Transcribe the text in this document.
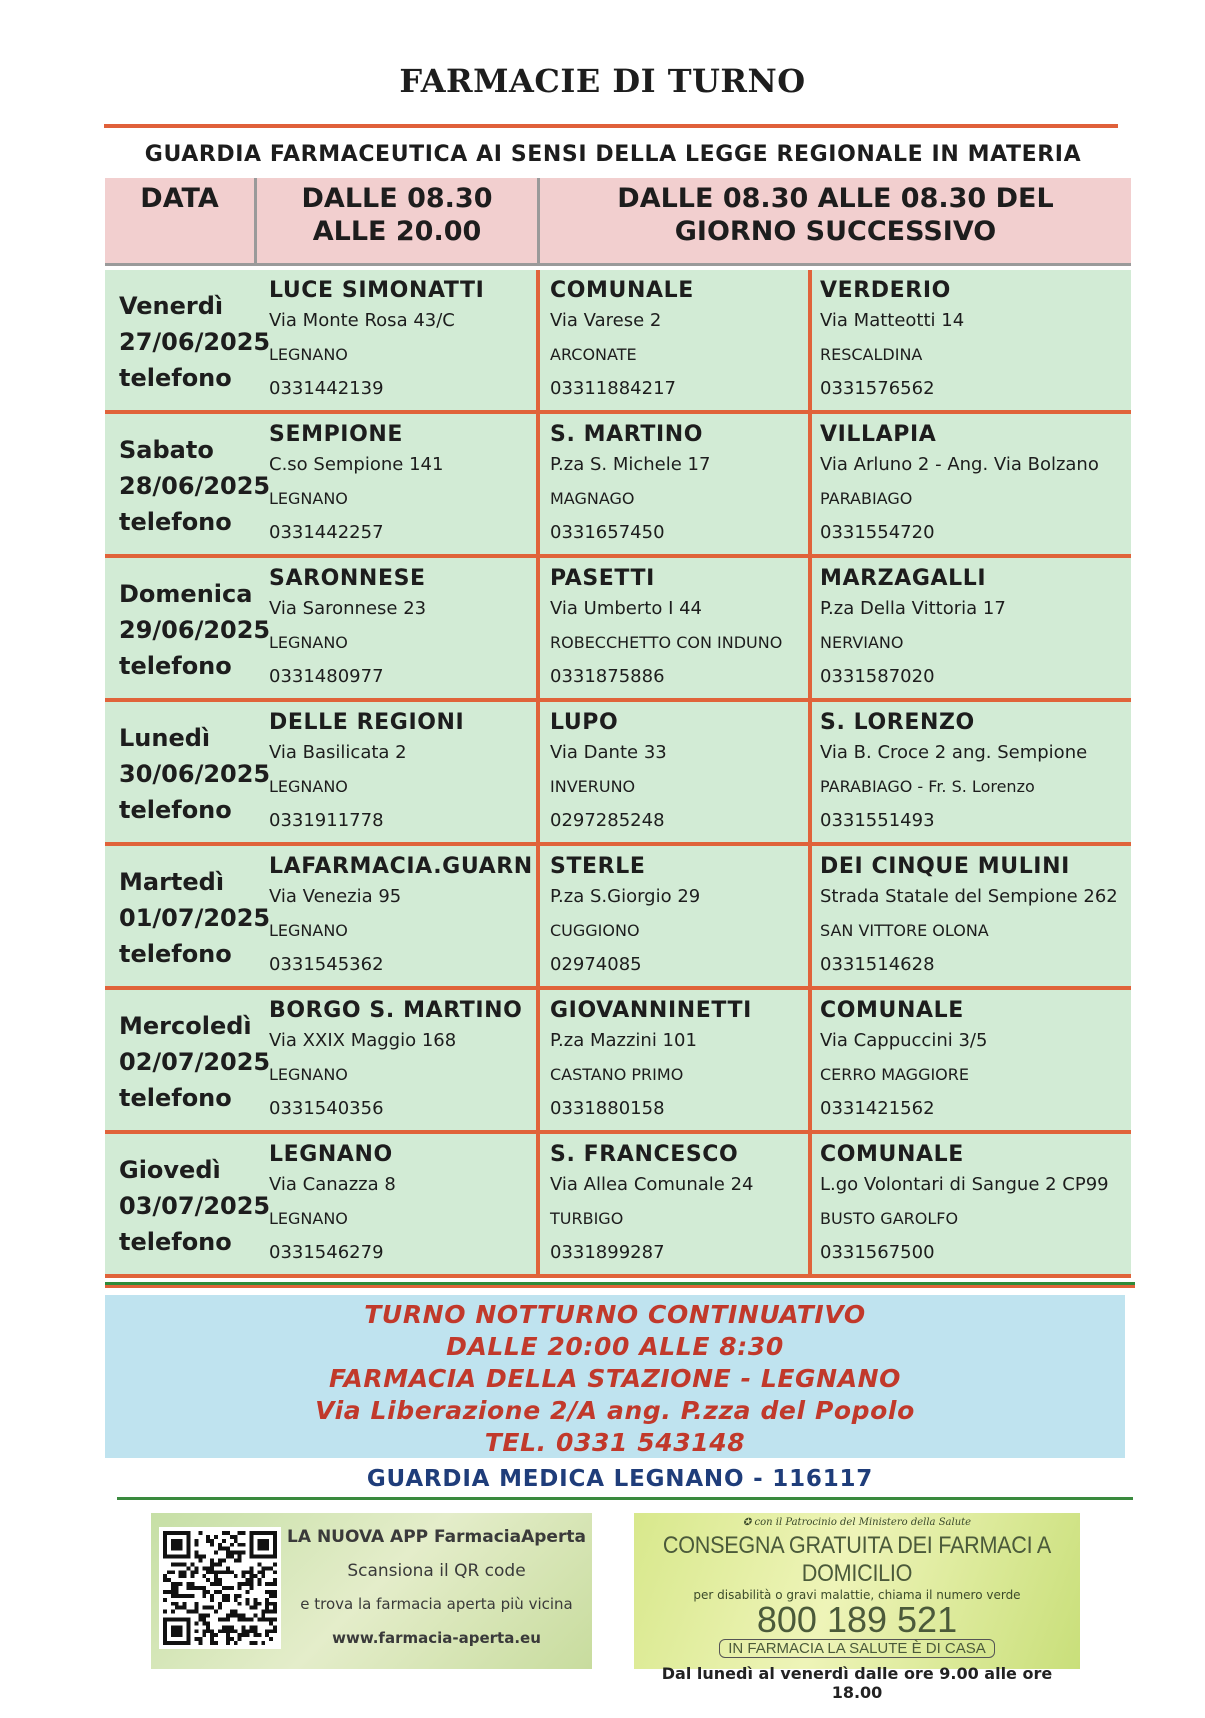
FARMACIE DI TURNO
GUARDIA FARMACEUTICA AI SENSI DELLA LEGGE REGIONALE IN MATERIA
DATA	DALLE 08.30
ALLE 20.00
DALLE 08.30 ALLE 08.30 DEL
GIORNO SUCCESSIVO
Venerdì
27/06/2025
telefono
LUCE SIMONATTI
Via Monte Rosa 43/C
LEGNANO
0331442139
COMUNALE
Via Varese 2
ARCONATE
03311884217
VERDERIO
Via Matteotti 14
RESCALDINA
0331576562
Sabato
28/06/2025
telefono
SEMPIONE
C.so Sempione 141
LEGNANO
0331442257
S. MARTINO
P.za S. Michele 17
MAGNAGO
0331657450
VILLAPIA
Via Arluno 2 - Ang. Via Bolzano
PARABIAGO
0331554720
Domenica
29/06/2025
telefono
SARONNESE
Via Saronnese 23
LEGNANO
0331480977
PASETTI
Via Umberto I 44
ROBECCHETTO CON INDUNO
0331875886
MARZAGALLI
P.za Della Vittoria 17
NERVIANO
0331587020
Lunedì
30/06/2025
telefono
DELLE REGIONI
Via Basilicata 2
LEGNANO
0331911778
LUPO
Via Dante 33
INVERUNO
0297285248
S. LORENZO
Via B. Croce 2 ang. Sempione
PARABIAGO - Fr. S. Lorenzo
0331551493
Martedì
01/07/2025
telefono
LAFARMACIA.GUARN
Via Venezia 95
LEGNANO
0331545362
STERLE
P.za S.Giorgio 29
CUGGIONO
02974085
DEI CINQUE MULINI
Strada Statale del Sempione 262
SAN VITTORE OLONA
0331514628
Mercoledì
02/07/2025
telefono
BORGO S. MARTINO
Via XXIX Maggio 168
LEGNANO
0331540356
GIOVANNINETTI
P.za Mazzini 101
CASTANO PRIMO
0331880158
COMUNALE
Via Cappuccini 3/5
CERRO MAGGIORE
0331421562
Giovedì
03/07/2025
telefono
LEGNANO
Via Canazza 8
LEGNANO
0331546279
S. FRANCESCO
Via Allea Comunale 24
TURBIGO
0331899287
COMUNALE
L.go Volontari di Sangue 2 CP99
BUSTO GAROLFO
0331567500
TURNO NOTTURNO CONTINUATIVO
DALLE 20:00 ALLE 8:30
FARMACIA DELLA STAZIONE - LEGNANO
Via Liberazione 2/A ang. P.zza del Popolo
TEL. 0331 543148
GUARDIA MEDICA LEGNANO - 116117
LA NUOVA APP FarmaciaAperta
Scansiona il QR code
e trova la farmacia aperta più vicina
www.farmacia-aperta.eu
✪ con il Patrocinio del Ministero della Salute
CONSEGNA GRATUITA DEI FARMACI A DOMICILIO
per disabilità o gravi malattie, chiama il numero verde
800 189 521
IN FARMACIA LA SALUTE È DI CASA
Dal lunedì al venerdì dalle ore 9.00 alle ore 18.00
